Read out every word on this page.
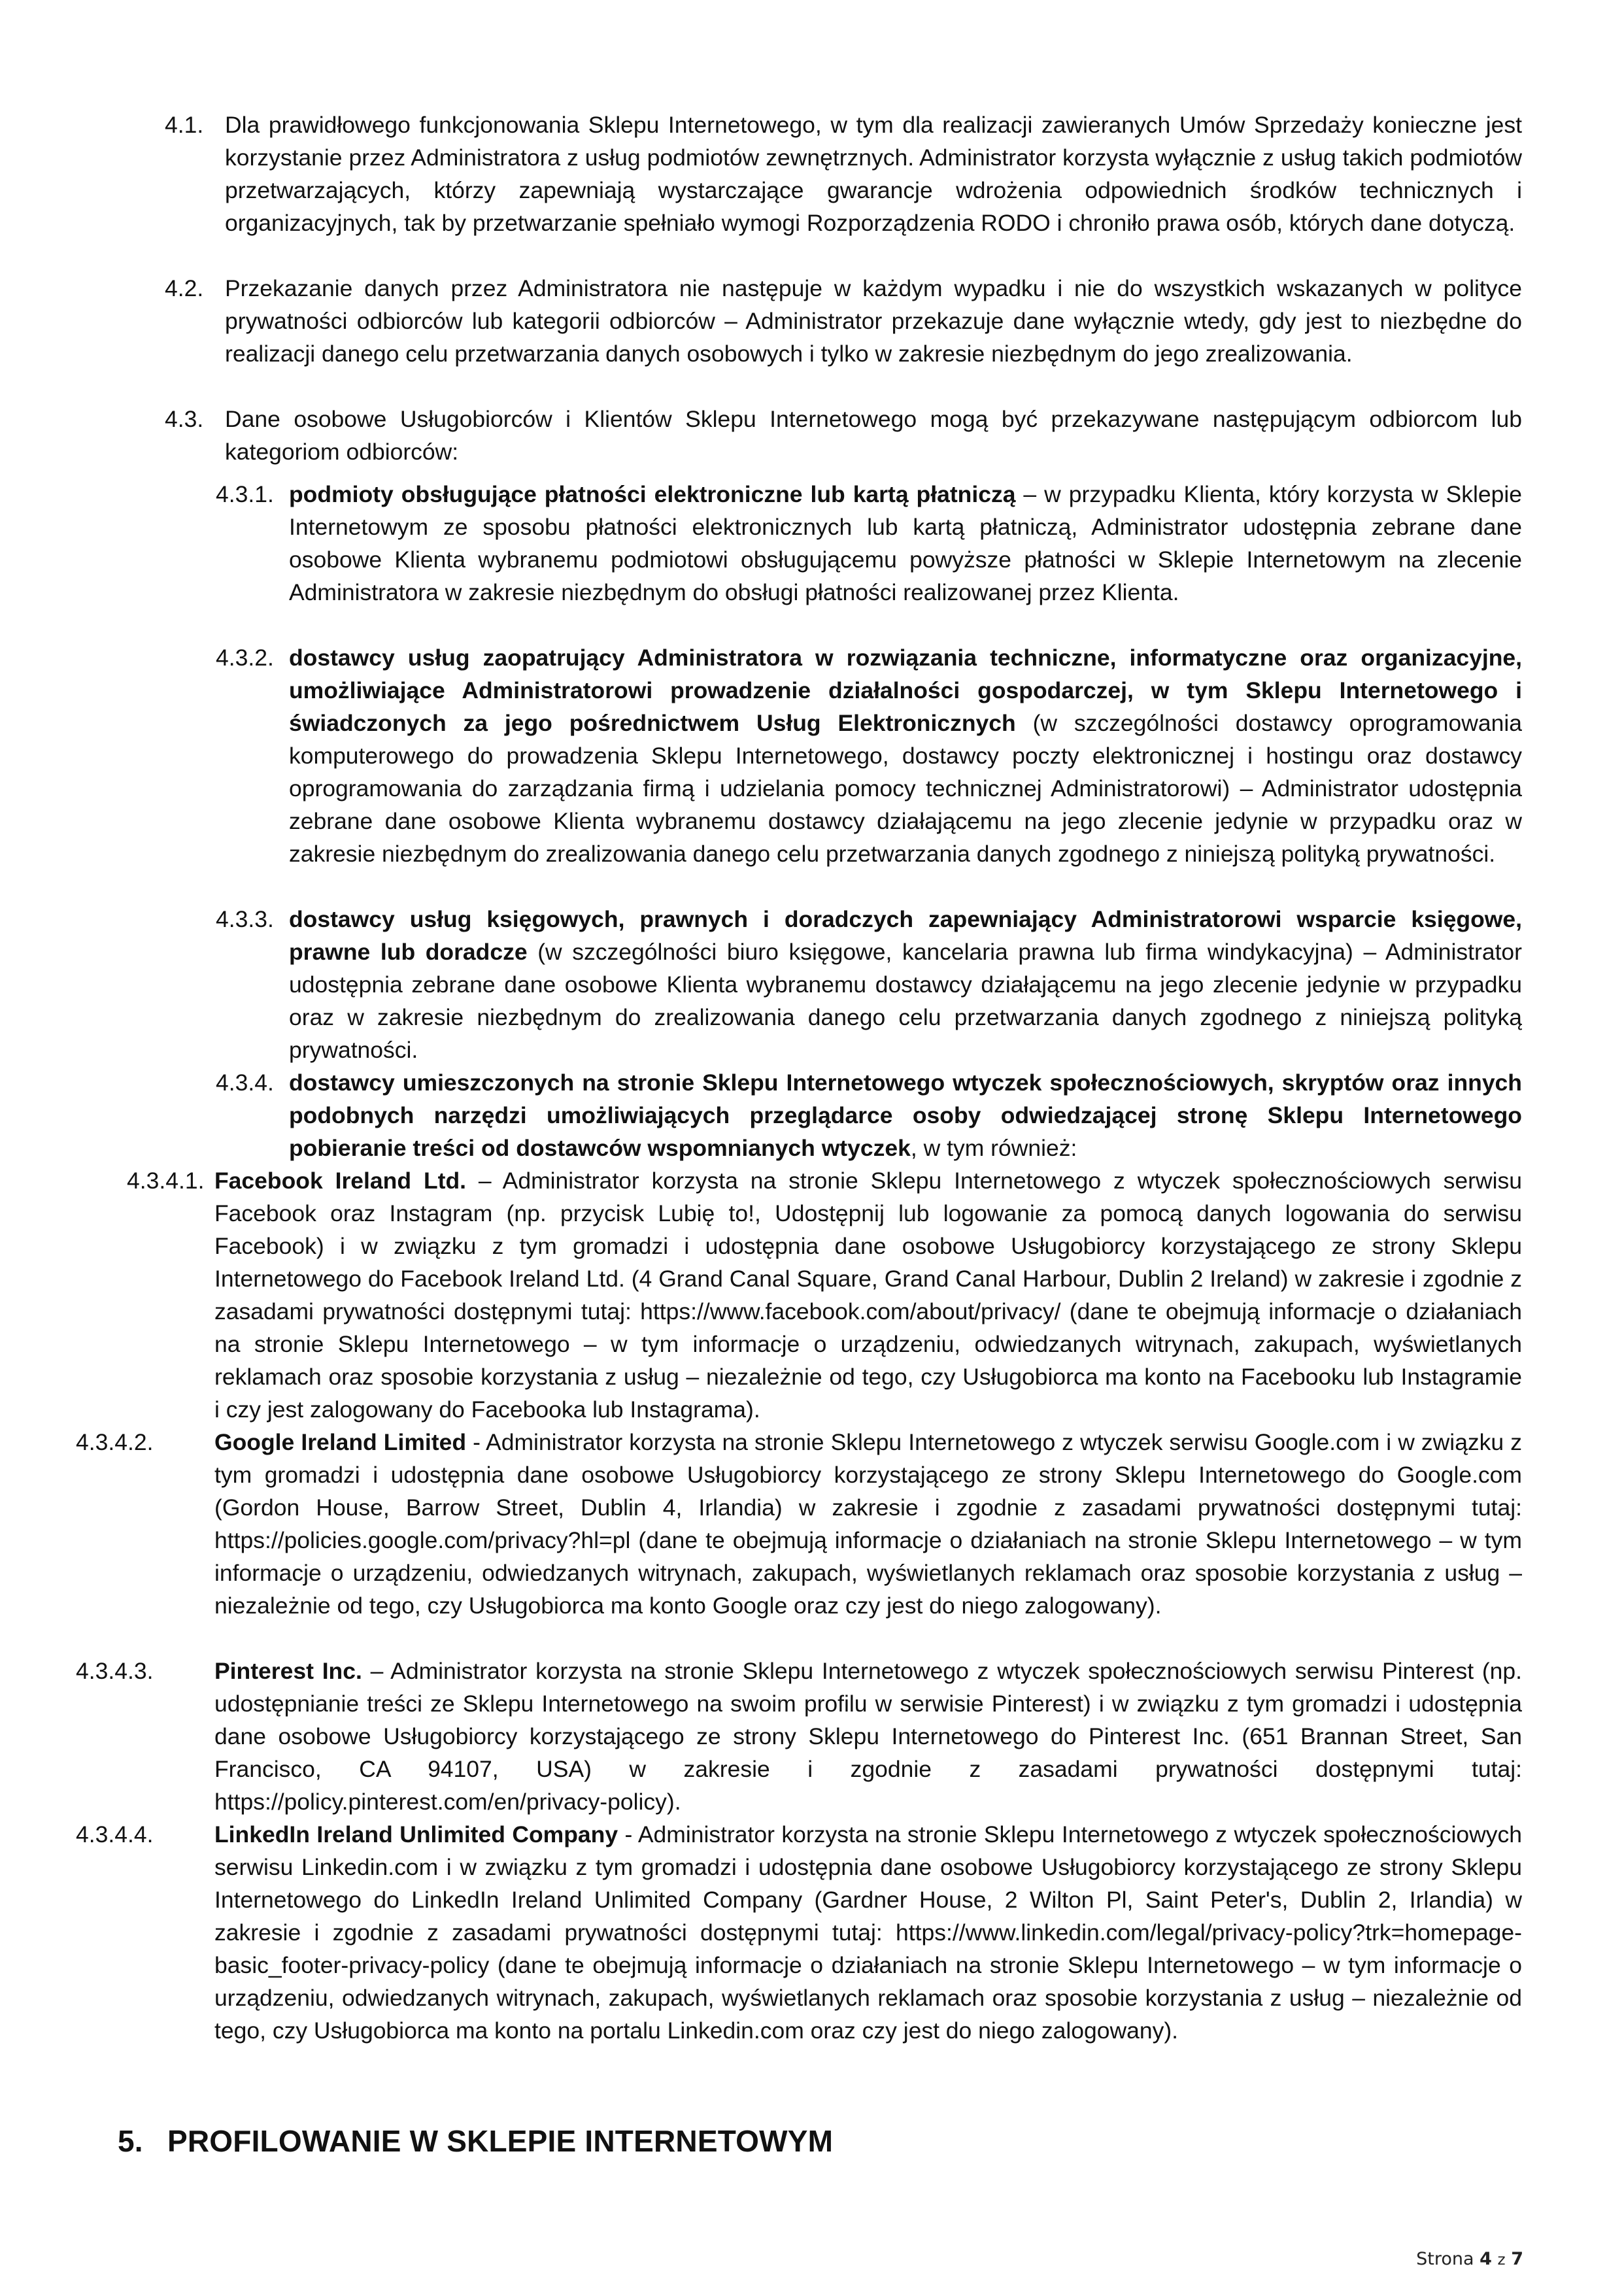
4.1. Dla prawidłowego funkcjonowania Sklepu Internetowego, w tym dla realizacji zawieranych Umów Sprzedaży konieczne jest korzystanie przez Administratora z usług podmiotów zewnętrznych. Administrator korzysta wyłącznie z usług takich podmiotów przetwarzających, którzy zapewniają wystarczające gwarancje wdrożenia odpowiednich środków technicznych i organizacyjnych, tak by przetwarzanie spełniało wymogi Rozporządzenia RODO i chroniło prawa osób, których dane dotyczą.
4.2. Przekazanie danych przez Administratora nie następuje w każdym wypadku i nie do wszystkich wskazanych w polityce prywatności odbiorców lub kategorii odbiorców – Administrator przekazuje dane wyłącznie wtedy, gdy jest to niezbędne do realizacji danego celu przetwarzania danych osobowych i tylko w zakresie niezbędnym do jego zrealizowania.
4.3. Dane osobowe Usługobiorców i Klientów Sklepu Internetowego mogą być przekazywane następującym odbiorcom lub kategoriom odbiorców:
4.3.1. podmioty obsługujące płatności elektroniczne lub kartą płatniczą – w przypadku Klienta, który korzysta w Sklepie Internetowym ze sposobu płatności elektronicznych lub kartą płatniczą, Administrator udostępnia zebrane dane osobowe Klienta wybranemu podmiotowi obsługującemu powyższe płatności w Sklepie Internetowym na zlecenie Administratora w zakresie niezbędnym do obsługi płatności realizowanej przez Klienta.
4.3.2. dostawcy usług zaopatrujący Administratora w rozwiązania techniczne, informatyczne oraz organizacyjne, umożliwiające Administratorowi prowadzenie działalności gospodarczej, w tym Sklepu Internetowego i świadczonych za jego pośrednictwem Usług Elektronicznych (w szczególności dostawcy oprogramowania komputerowego do prowadzenia Sklepu Internetowego, dostawcy poczty elektronicznej i hostingu oraz dostawcy oprogramowania do zarządzania firmą i udzielania pomocy technicznej Administratorowi) – Administrator udostępnia zebrane dane osobowe Klienta wybranemu dostawcy działającemu na jego zlecenie jedynie w przypadku oraz w zakresie niezbędnym do zrealizowania danego celu przetwarzania danych zgodnego z niniejszą polityką prywatności.
4.3.3. dostawcy usług księgowych, prawnych i doradczych zapewniający Administratorowi wsparcie księgowe, prawne lub doradcze (w szczególności biuro księgowe, kancelaria prawna lub firma windykacyjna) – Administrator udostępnia zebrane dane osobowe Klienta wybranemu dostawcy działającemu na jego zlecenie jedynie w przypadku oraz w zakresie niezbędnym do zrealizowania danego celu przetwarzania danych zgodnego z niniejszą polityką prywatności.
4.3.4. dostawcy umieszczonych na stronie Sklepu Internetowego wtyczek społecznościowych, skryptów oraz innych podobnych narzędzi umożliwiających przeglądarce osoby odwiedzającej stronę Sklepu Internetowego pobieranie treści od dostawców wspomnianych wtyczek, w tym również:
4.3.4.1. Facebook Ireland Ltd. – Administrator korzysta na stronie Sklepu Internetowego z wtyczek społecznościowych serwisu Facebook oraz Instagram (np. przycisk Lubię to!, Udostępnij lub logowanie za pomocą danych logowania do serwisu Facebook) i w związku z tym gromadzi i udostępnia dane osobowe Usługobiorcy korzystającego ze strony Sklepu Internetowego do Facebook Ireland Ltd. (4 Grand Canal Square, Grand Canal Harbour, Dublin 2 Ireland) w zakresie i zgodnie z zasadami prywatności dostępnymi tutaj: https://www.facebook.com/about/privacy/ (dane te obejmują informacje o działaniach na stronie Sklepu Internetowego – w tym informacje o urządzeniu, odwiedzanych witrynach, zakupach, wyświetlanych reklamach oraz sposobie korzystania z usług – niezależnie od tego, czy Usługobiorca ma konto na Facebooku lub Instagramie i czy jest zalogowany do Facebooka lub Instagrama).
4.3.4.2.	Google Ireland Limited - Administrator korzysta na stronie Sklepu Internetowego z wtyczek serwisu Google.com i w związku z tym gromadzi i udostępnia dane osobowe Usługobiorcy korzystającego ze strony Sklepu Internetowego do Google.com (Gordon House, Barrow Street, Dublin 4, Irlandia) w zakresie i zgodnie z zasadami prywatności dostępnymi tutaj: https://policies.google.com/privacy?hl=pl (dane te obejmują informacje o działaniach na stronie Sklepu Internetowego – w tym informacje o urządzeniu, odwiedzanych witrynach, zakupach, wyświetlanych reklamach oraz sposobie korzystania z usług – niezależnie od tego, czy Usługobiorca ma konto Google oraz czy jest do niego zalogowany).
4.3.4.3.	Pinterest Inc. – Administrator korzysta na stronie Sklepu Internetowego z wtyczek społecznościowych serwisu Pinterest (np. udostępnianie treści ze Sklepu Internetowego na swoim profilu w serwisie Pinterest) i w związku z tym gromadzi i udostępnia dane osobowe Usługobiorcy korzystającego ze strony Sklepu Internetowego do Pinterest Inc. (651 Brannan Street, San Francisco, CA 94107, USA) w zakresie i zgodnie z zasadami prywatności dostępnymi tutaj: https://policy.pinterest.com/en/privacy-policy).
4.3.4.4.	LinkedIn Ireland Unlimited Company - Administrator korzysta na stronie Sklepu Internetowego z wtyczek społecznościowych serwisu Linkedin.com i w związku z tym gromadzi i udostępnia dane osobowe Usługobiorcy korzystającego ze strony Sklepu Internetowego do LinkedIn Ireland Unlimited Company (Gardner House, 2 Wilton Pl, Saint Peter's, Dublin 2, Irlandia) w zakresie i zgodnie z zasadami prywatności dostępnymi tutaj: https://www.linkedin.com/legal/privacy-policy?trk=homepage-basic_footer-privacy-policy (dane te obejmują informacje o działaniach na stronie Sklepu Internetowego – w tym informacje o urządzeniu, odwiedzanych witrynach, zakupach, wyświetlanych reklamach oraz sposobie korzystania z usług – niezależnie od tego, czy Usługobiorca ma konto na portalu Linkedin.com oraz czy jest do niego zalogowany).
5. PROFILOWANIE W SKLEPIE INTERNETOWYM
Strona 4 z 7
